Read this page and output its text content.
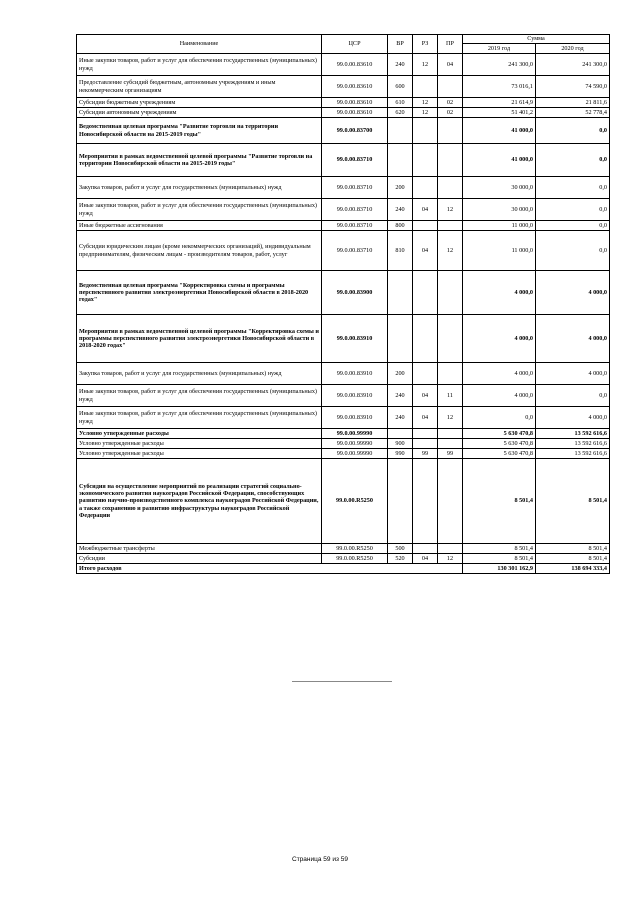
Наименование	ЦСР	ВР	РЗ	ПР	Сумма	
					2019 год	2020 год
Иные закупки товаров, работ и услуг для обеспечения государственных (муниципальных) нужд	99.0.00.83610	240	12	04	241 300,0	241 300,0
Предоставление субсидий бюджетным, автономным учреждениям и иным некоммерческим организациям	99.0.00.83610	600			73 016,1	74 590,0
Субсидии бюджетным учреждениям	99.0.00.83610	610	12	02	21 614,9	21 811,6
Субсидии автономным учреждениям	99.0.00.83610	620	12	02	51 401,2	52 778,4
Ведомственная целевая программа "Развитие торговли на территории Новосибирской области на 2015-2019 годы"	99.0.00.83700				41 000,0	0,0
Мероприятия в рамках ведомственной целевой программы "Развитие торговли на территории Новосибирской области на 2015-2019 годы"	99.0.00.83710				41 000,0	0,0
Закупка товаров, работ и услуг для государственных (муниципальных) нужд	99.0.00.83710	200			30 000,0	0,0
Иные закупки товаров, работ и услуг для обеспечения государственных (муниципальных) нужд	99.0.00.83710	240	04	12	30 000,0	0,0
Иные бюджетные ассигнования	99.0.00.83710	800			11 000,0	0,0
Субсидии юридическим лицам (кроме некоммерческих организаций), индивидуальным предпринимателям, физическим лицам - производителям товаров, работ, услуг	99.0.00.83710	810	04	12	11 000,0	0,0
Ведомственная целевая программа "Корректировка схемы и программы перспективного развития электроэнергетики Новосибирской области в 2018-2020 годах"	99.0.00.83900				4 000,0	4 000,0
Мероприятия в рамках ведомственной целевой программы "Корректировка схемы и программы перспективного развития электроэнергетики Новосибирской области в 2018-2020 годах"	99.0.00.83910				4 000,0	4 000,0
Закупка товаров, работ и услуг для государственных (муниципальных) нужд	99.0.00.83910	200			4 000,0	4 000,0
Иные закупки товаров, работ и услуг для обеспечения государственных (муниципальных) нужд	99.0.00.83910	240	04	11	4 000,0	0,0
Иные закупки товаров, работ и услуг для обеспечения государственных (муниципальных) нужд	99.0.00.83910	240	04	12	0,0	4 000,0
Условно утвержденные расходы	99.0.00.99990				5 630 470,8	13 592 616,6
Условно утвержденные расходы	99.0.00.99990	900			5 630 470,8	13 592 616,6
Условно утвержденные расходы	99.0.00.99990	990	99	99	5 630 470,8	13 592 616,6
Субсидия на осуществление мероприятий по реализации стратегий социально-экономического развития наукоградов Российской Федерации, способствующих развитию научно-производственного комплекса наукоградов Российской Федерации, а также сохранению и развитию инфраструктуры наукоградов Российской Федерации	99.0.00.R5250				8 501,4	8 501,4
Межбюджетные трансферты	99.0.00.R5250	500			8 501,4	8 501,4
Субсидии	99.0.00.R5250	520	04	12	8 501,4	8 501,4
Итого расходов					130 301 162,9	138 694 333,4
Страница 59 из 59
